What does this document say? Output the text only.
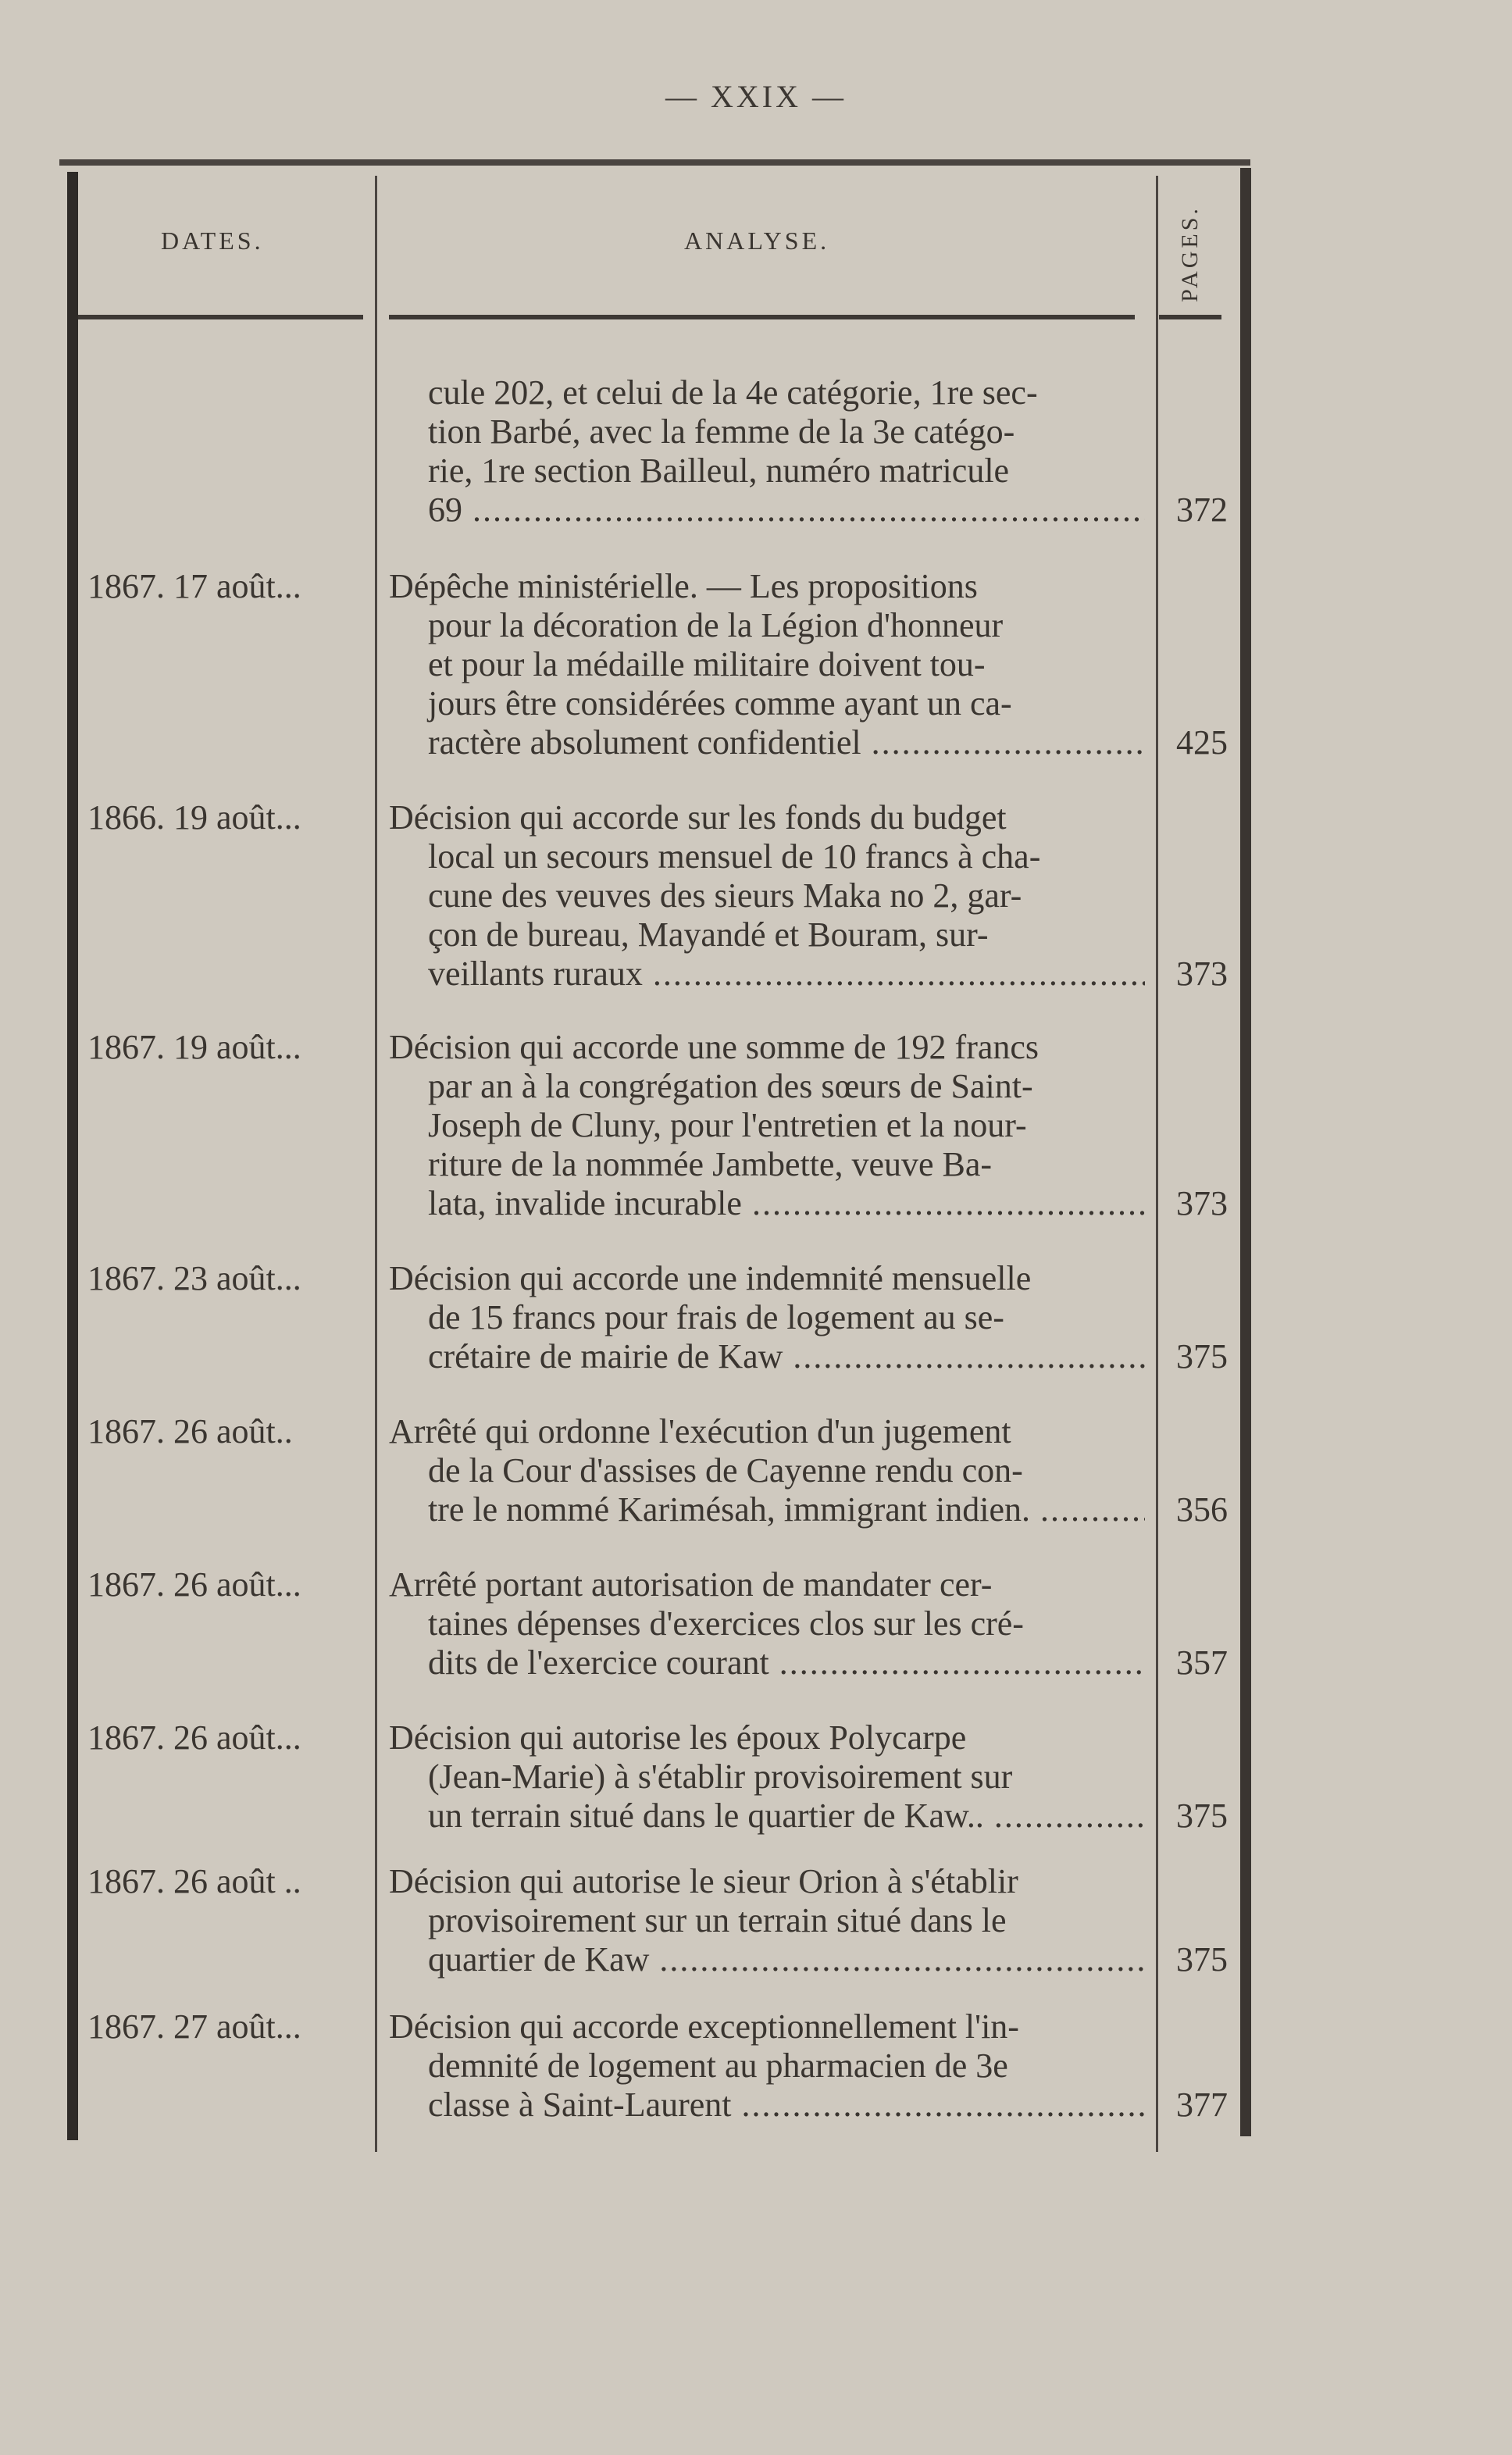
— XXIX —
DATES.	ANALYSE.	PAGES.
cule 202, et celui de la 4e catégorie, 1re sec-
tion Barbé, avec la femme de la 3e catégo-
rie, 1re section Bailleul, numéro matricule
69 .....	372
1867. 17 août...	Dépêche ministérielle. — Les propositions
pour la décoration de la Légion d'honneur
et pour la médaille militaire doivent tou-
jours être considérées comme ayant un ca-
ractère absolument confidentiel .....	425
1866. 19 août...	Décision qui accorde sur les fonds du budget
local un secours mensuel de 10 francs à cha-
cune des veuves des sieurs Maka no 2, gar-
çon de bureau, Mayandé et Bouram, sur-
veillants ruraux .....	373
1867. 19 août...	Décision qui accorde une somme de 192 francs
par an à la congrégation des sœurs de Saint-
Joseph de Cluny, pour l'entretien et la nour-
riture de la nommée Jambette, veuve Ba-
lata, invalide incurable .....	373
1867. 23 août...	Décision qui accorde une indemnité mensuelle
de 15 francs pour frais de logement au se-
crétaire de mairie de Kaw .....	375
1867. 26 août..	Arrêté qui ordonne l'exécution d'un jugement
de la Cour d'assises de Cayenne rendu con-
tre le nommé Karimésah, immigrant indien. .....	356
1867. 26 août...	Arrêté portant autorisation de mandater cer-
taines dépenses d'exercices clos sur les cré-
dits de l'exercice courant .....	357
1867. 26 août...	Décision qui autorise les époux Polycarpe
(Jean-Marie) à s'établir provisoirement sur
un terrain situé dans le quartier de Kaw.. .....	375
1867. 26 août ..	Décision qui autorise le sieur Orion à s'établir
provisoirement sur un terrain situé dans le
quartier de Kaw .....	375
1867. 27 août...	Décision qui accorde exceptionnellement l'in-
demnité de logement au pharmacien de 3e
classe à Saint-Laurent .....	377
